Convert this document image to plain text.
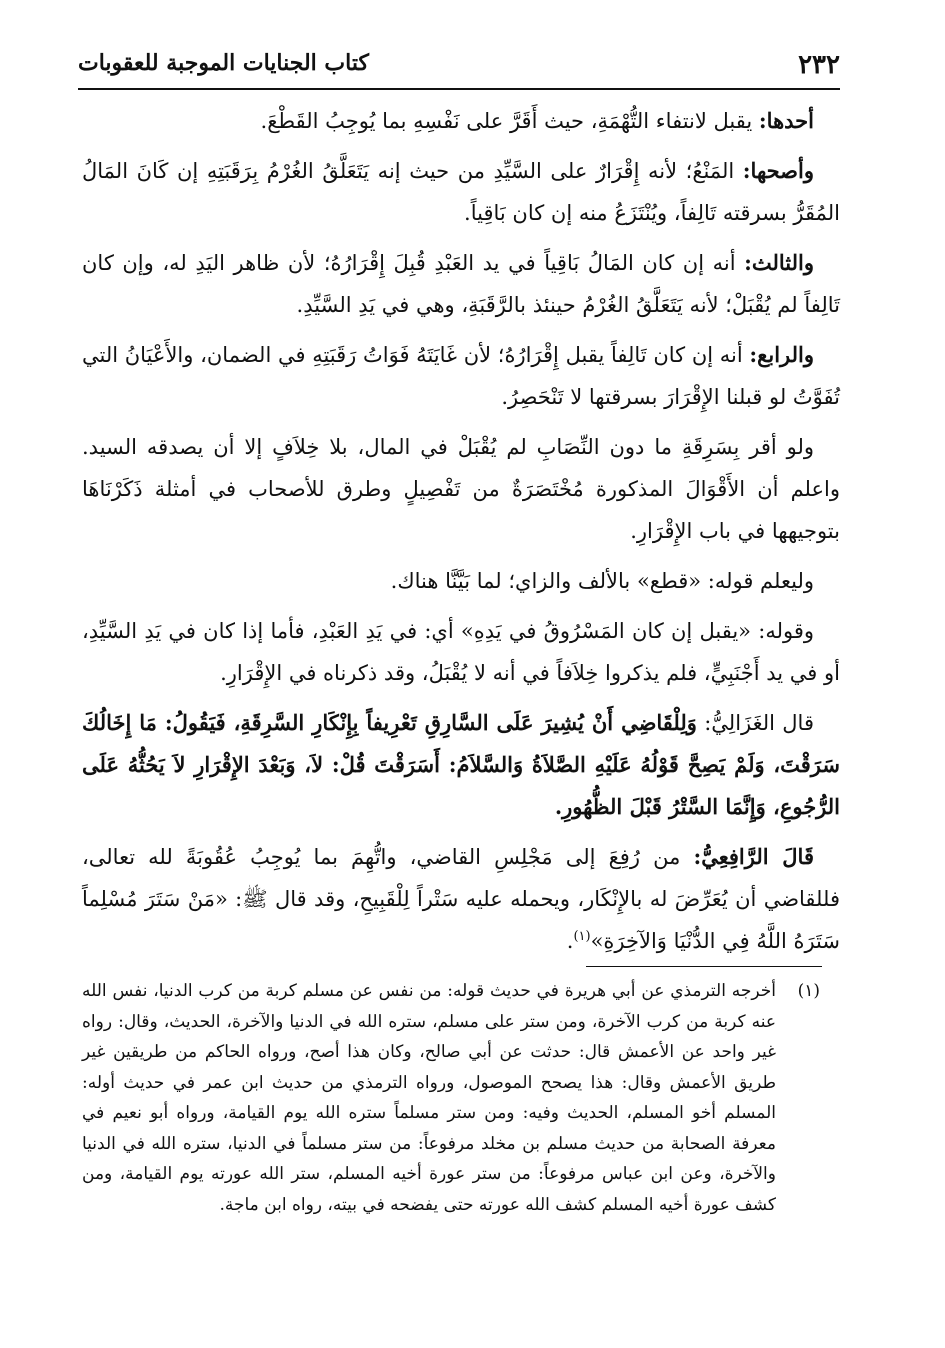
٢٣٢
كتاب الجنايات الموجبة للعقوبات

أحدها: يقبل لانتفاء التُّهْمَةِ، حيث أَقَرَّ على نَفْسِهِ بما يُوجِبُ القَطْعَ.

وأصحها: المَنْعُ؛ لأنه إِقْرَارٌ على السَّيِّدِ من حيث إنه يَتَعَلَّقُ الغُرْمُ بِرَقَبَتِهِ إن كَانَ المَالُ المُقَرُّ بسرقته تَالِفاً، ويُنْتَزَعُ منه إن كان بَاقِياً.

والثالث: أنه إن كان المَالُ بَاقِياً في يد العَبْدِ قُبِلَ إِقْرَارُهُ؛ لأن ظاهر اليَدِ له، وإن كان تَالِفاً لم يُقْبَلْ؛ لأنه يَتَعَلَّقُ الغُرْمُ حينئذ بالرَّقَبَةِ، وهي في يَدِ السَّيِّدِ.

والرابع: أنه إن كان تَالِفاً يقبل إِقْرَارُهُ؛ لأن غَايَتَهُ فَوَاتُ رَقَبَتِهِ في الضمان، والأَعْيَانُ التي تُفَوَّتُ لو قبلنا الإِقْرَارَ بسرقتها لا تَنْحَصِرُ.

ولو أقر بِسَرِقَةِ ما دون النِّصَابِ لم يُقْبَلْ في المال، بلا خِلاَفٍ إلا أن يصدقه السيد. واعلم أن الأَقْوَالَ المذكورة مُخْتَصَرَةٌ من تَفْصِيلٍ وطرق للأصحاب في أمثلة ذَكَرْنَاهَا بتوجيهها في باب الإِقْرَارِ.

وليعلم قوله: «قطع» بالألف والزاي؛ لما بَيَّنَّا هناك.

وقوله: «يقبل إن كان المَسْرُوقُ في يَدِهِ» أي: في يَدِ العَبْدِ، فأما إذا كان في يَدِ السَّيِّدِ، أو في يد أَجْنَبِيٍّ، فلم يذكروا خِلاَفاً في أنه لا يُقْبَلُ، وقد ذكرناه في الإِقْرَارِ.

قال الغَزَالِيُّ: وَلِلْقَاضِي أَنْ يُشِيرَ عَلَى السَّارِقِ تَعْرِيفاً بِإِنْكَارِ السَّرِقَةِ، فَيَقُولُ: مَا إِخَالُكَ سَرَقْتَ، وَلَمْ يَصِحَّ قَوْلُهُ عَلَيْهِ الصَّلاَةُ وَالسَّلاَمُ: أَسَرَقْتَ قُلْ: لاَ، وَبَعْدَ الإِقْرَارِ لاَ يَحُثُّهُ عَلَى الرُّجُوعِ، وَإِنَّمَا السَّتْرُ قَبْلَ الظُّهُورِ.

قَالَ الرَّافِعِيُّ: من رُفِعَ إلى مَجْلِسِ القاضي، واتُّهِمَ بما يُوجِبُ عُقُوبَةً لله تعالى، فللقاضي أن يُعَرِّضَ له بالإِنْكَار، ويحمله عليه سَتْراً لِلْقَبِيحِ، وقد قال ﷺ: «مَنْ سَتَرَ مُسْلِماً سَتَرَهُ اللَّهُ فِي الدُّنْيَا وَالآخِرَةِ»$^{(١)}$.

(١)
أخرجه الترمذي عن أبي هريرة في حديث قوله: من نفس عن مسلم كربة من كرب الدنيا، نفس الله عنه كربة من كرب الآخرة، ومن ستر على مسلم، ستره الله في الدنيا والآخرة، الحديث، وقال: رواه غير واحد عن الأعمش قال: حدثت عن أبي صالح، وكان هذا أصح، ورواه الحاكم من طريقين غير طريق الأعمش وقال: هذا يصحح الموصول، ورواه الترمذي من حديث ابن عمر في حديث أوله: المسلم أخو المسلم، الحديث وفيه: ومن ستر مسلماً ستره الله يوم القيامة، ورواه أبو نعيم في معرفة الصحابة من حديث مسلم بن مخلد مرفوعاً: من ستر مسلماً في الدنيا، ستره الله في الدنيا والآخرة، وعن ابن عباس مرفوعاً: من ستر عورة أخيه المسلم، ستر الله عورته يوم القيامة، ومن كشف عورة أخيه المسلم كشف الله عورته حتى يفضحه في بيته، رواه ابن ماجة.
